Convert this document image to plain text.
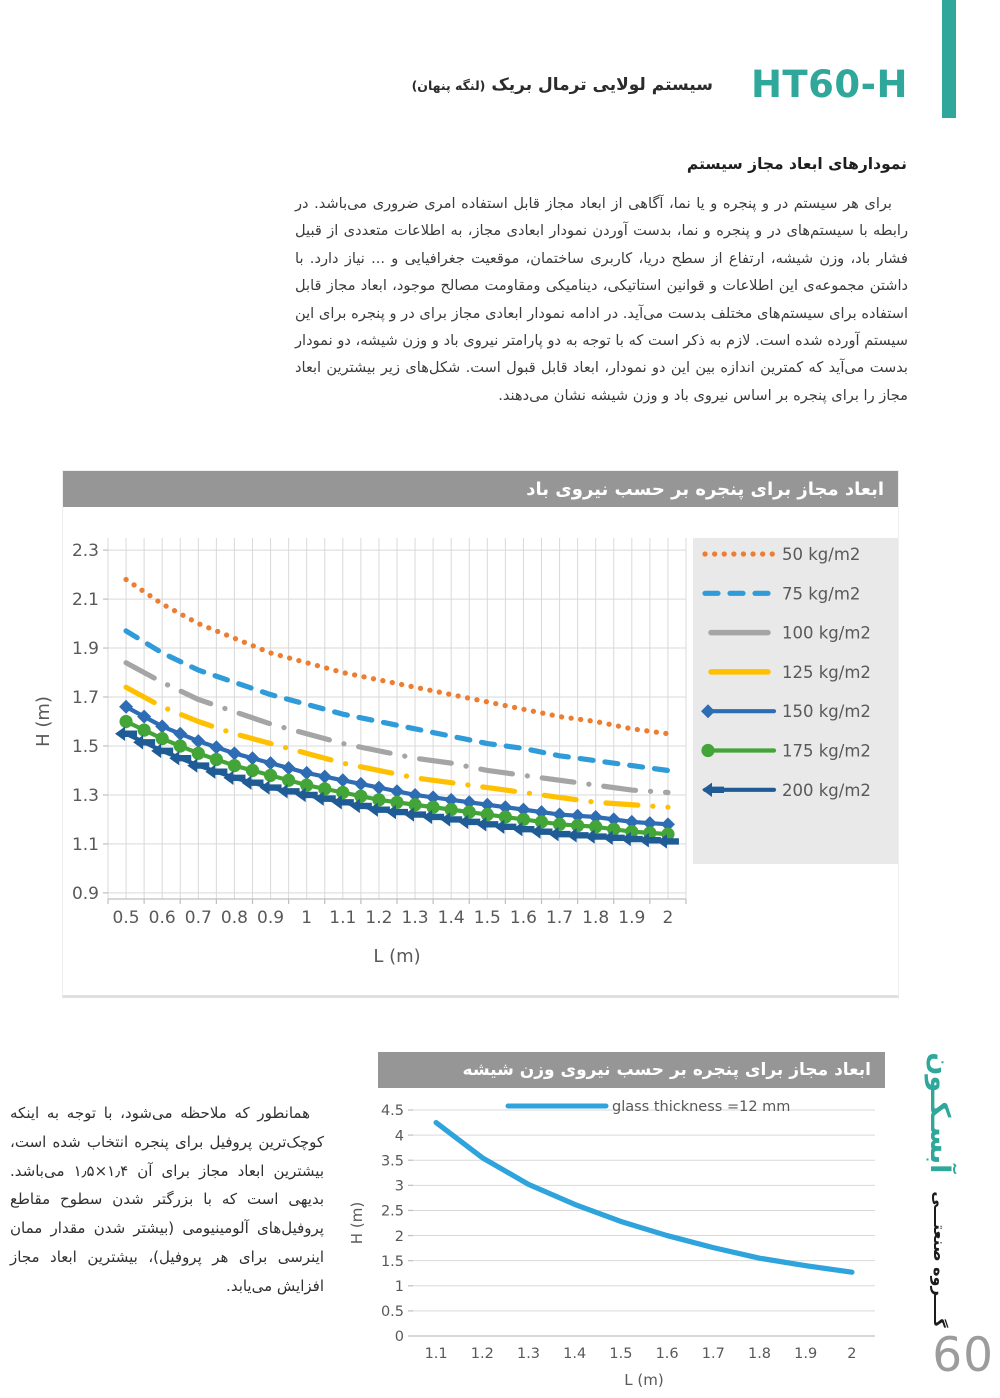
سیستم لولایی ترمال بریک (لنگه پنهان)	HT60-H
نمودارهای ابعاد مجاز سیستم
برای هر سیستم در و پنجره و یا نما، آگاهی از ابعاد مجاز قابل استفاده امری ضروری می‌باشد. در رابطه با سیستم‌های در و پنجره و نما، بدست آوردن نمودار ابعادی مجاز، به اطلاعات متعددی از قبیل فشار باد، وزن شیشه، ارتفاع از سطح دریا، کاربری ساختمان، موقعیت جغرافیایی و ... نیاز دارد. با داشتن مجموعه‌ی این اطلاعات و قوانین استاتیکی، دینامیکی ومقاومت مصالح موجود، ابعاد مجاز قابل استفاده برای سیستم‌های مختلف بدست می‌آید. در ادامه نمودار ابعادی مجاز برای در و پنجره برای این سیستم آورده شده است. لازم به ذکر است که با توجه به دو پارامتر نیروی باد و وزن شیشه، دو نمودار بدست می‌آید که کمترین اندازه بین این دو نمودار، ابعاد قابل قبول است. شکل‌های زیر بیشترین ابعاد مجاز را برای پنجره بر اساس نیروی باد و وزن شیشه نشان می‌دهند.
ابعاد مجاز برای پنجره بر حسب نیروی باد
0.9
1.1
1.3
1.5
1.7
1.9
2.1
2.3
0.5 0.6 0.7 0.8 0.9 1 1.1 1.2 1.3 1.4 1.5 1.6 1.7 1.8 1.9 2
L (m)
H (m)
50 kg/m2
75 kg/m2
100 kg/m2
125 kg/m2
150 kg/m2
175 kg/m2
200 kg/m2
همانطور که ملاحظه می‌شود، با توجه به اینکه کوچک‌ترین پروفیل برای پنجره انتخاب شده است، بیشترین ابعاد مجاز برای آن ۱٫۴×۱٫۵ می‌باشد. بدیهی است که با بزرگتر شدن سطوح مقاطع پروفیل‌های آلومینیومی (بیشتر شدن مقدار ممان اینرسی برای هر پروفیل)، بیشترین ابعاد مجاز افزایش می‌یابد.
ابعاد مجاز برای پنجره بر حسب نیروی وزن شیشه
0
0.5
1
1.5
2
2.5
3
3.5
4
4.5
1.1 1.2 1.3 1.4 1.5 1.6 1.7 1.8 1.9 2
L (m)
H (m)
glass thickness =12 mm
گــــروه صنعتـــی
آبسـکـون
60
